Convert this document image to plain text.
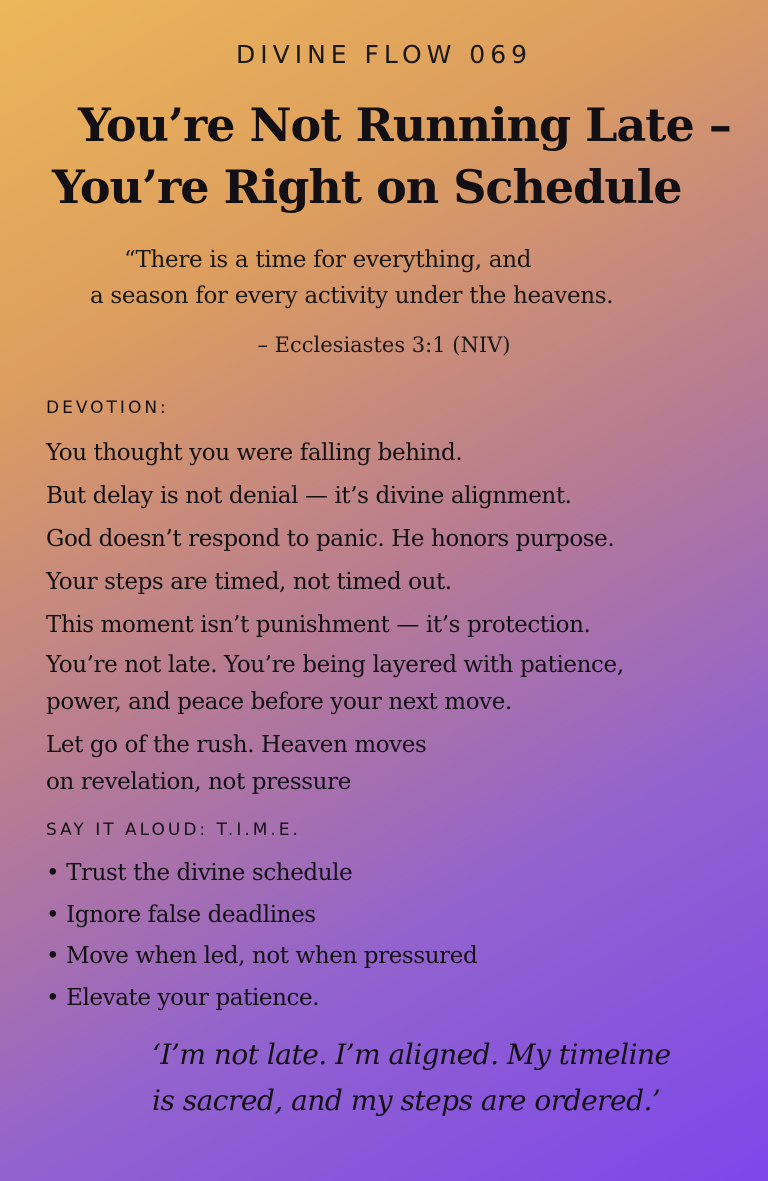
DIVINE FLOW 069
You’re Not Running Late –
You’re Right on Schedule
“There is a time for everything, and
a season for every activity under the heavens.
– Ecclesiastes 3:1 (NIV)
DEVOTION:
You thought you were falling behind.
But delay is not denial — it’s divine alignment.
God doesn’t respond to panic. He honors purpose.
Your steps are timed, not timed out.
This moment isn’t punishment — it’s protection.
You’re not late. You’re being layered with patience,
power, and peace before your next move.
Let go of the rush. Heaven moves
on revelation, not pressure
SAY IT ALOUD: T.I.M.E.
• Trust the divine schedule
• Ignore false deadlines
• Move when led, not when pressured
• Elevate your patience.
‘I’m not late. I’m aligned. My timeline
is sacred, and my steps are ordered.’
